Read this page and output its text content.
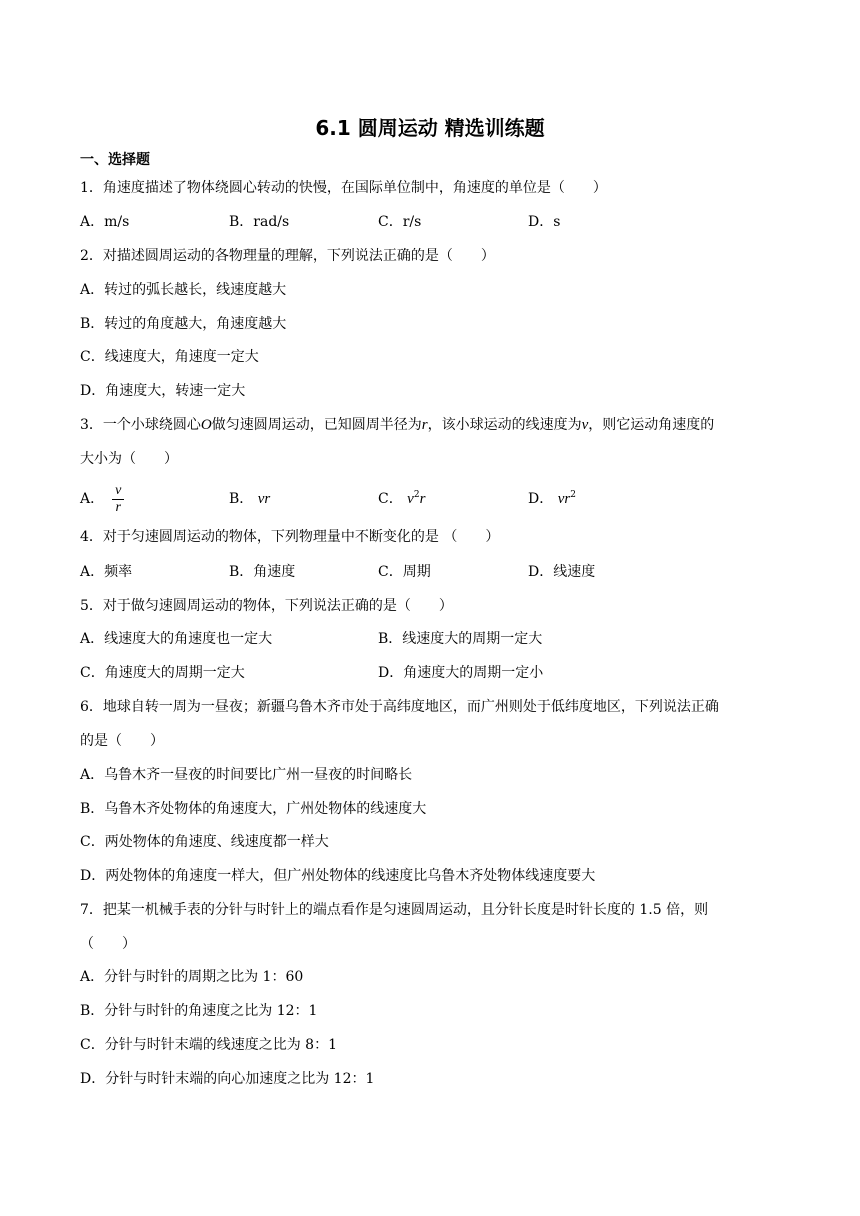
6.1 圆周运动 精选训练题
一、选择题
1．角速度描述了物体绕圆心转动的快慢，在国际单位制中，角速度的单位是（　　）
A．m/s	B．rad/s	C．r/s	D．s
2．对描述圆周运动的各物理量的理解，下列说法正确的是（　　）
A．转过的弧长越长，线速度越大
B．转过的角度越大，角速度越大
C．线速度大，角速度一定大
D．角速度大，转速一定大
3．一个小球绕圆心O做匀速圆周运动，已知圆周半径为r，该小球运动的线速度为v，则它运动角速度的
大小为（　　）
A． $\frac{v}{r}$	B． vr	C． $v^2r$	D． $vr^2$
4．对于匀速圆周运动的物体，下列物理量中不断变化的是 （　　）
A．频率	B．角速度	C．周期	D．线速度
5．对于做匀速圆周运动的物体，下列说法正确的是（　　）
A．线速度大的角速度也一定大	B．线速度大的周期一定大
C．角速度大的周期一定大	D．角速度大的周期一定小
6．地球自转一周为一昼夜；新疆乌鲁木齐市处于高纬度地区，而广州则处于低纬度地区，下列说法正确
的是（　　）
A．乌鲁木齐一昼夜的时间要比广州一昼夜的时间略长
B．乌鲁木齐处物体的角速度大，广州处物体的线速度大
C．两处物体的角速度、线速度都一样大
D．两处物体的角速度一样大，但广州处物体的线速度比乌鲁木齐处物体线速度要大
7．把某一机械手表的分针与时针上的端点看作是匀速圆周运动，且分针长度是时针长度的 1.5 倍，则
（　　）
A．分针与时针的周期之比为 1：60
B．分针与时针的角速度之比为 12：1
C．分针与时针末端的线速度之比为 8：1
D．分针与时针末端的向心加速度之比为 12：1
